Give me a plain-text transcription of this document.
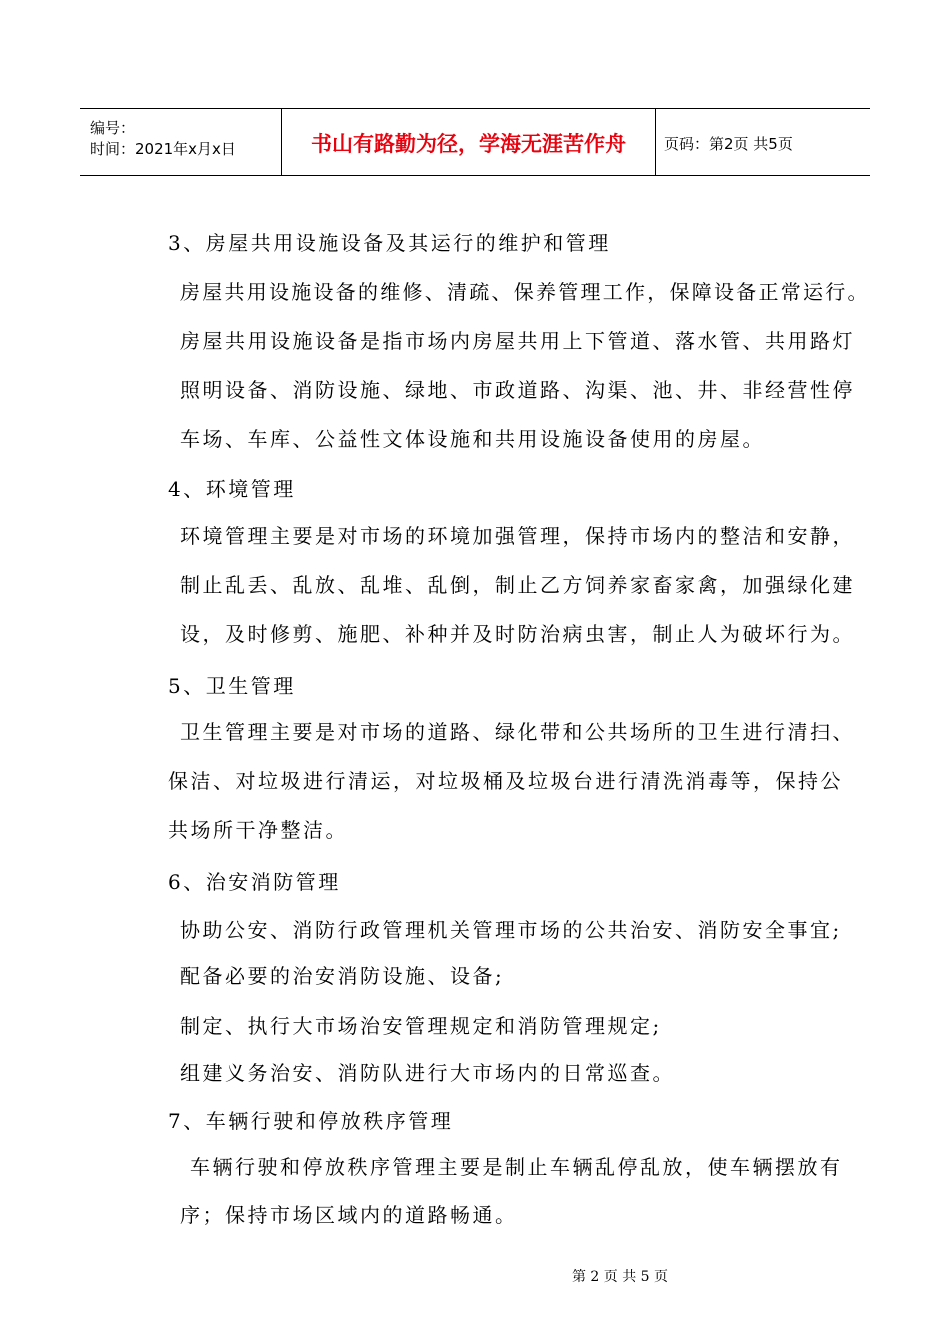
编号：
时间：2021年x月x日	书山有路勤为径，学海无涯苦作舟	页码：第2页 共5页
3、房屋共用设施设备及其运行的维护和管理
房屋共用设施设备的维修、清疏、保养管理工作，保障设备正常运行。
房屋共用设施设备是指市场内房屋共用上下管道、落水管、共用路灯
照明设备、消防设施、绿地、市政道路、沟渠、池、井、非经营性停
车场、车库、公益性文体设施和共用设施设备使用的房屋。
4、环境管理
环境管理主要是对市场的环境加强管理，保持市场内的整洁和安静，
制止乱丢、乱放、乱堆、乱倒，制止乙方饲养家畜家禽，加强绿化建
设，及时修剪、施肥、补种并及时防治病虫害，制止人为破坏行为。
5、卫生管理
卫生管理主要是对市场的道路、绿化带和公共场所的卫生进行清扫、
保洁、对垃圾进行清运，对垃圾桶及垃圾台进行清洗消毒等，保持公
共场所干净整洁。
6、治安消防管理
协助公安、消防行政管理机关管理市场的公共治安、消防安全事宜;
配备必要的治安消防设施、设备;
制定、执行大市场治安管理规定和消防管理规定;
组建义务治安、消防队进行大市场内的日常巡查。
7、车辆行驶和停放秩序管理
车辆行驶和停放秩序管理主要是制止车辆乱停乱放，使车辆摆放有
序；保持市场区域内的道路畅通。
第 2 页 共 5 页
